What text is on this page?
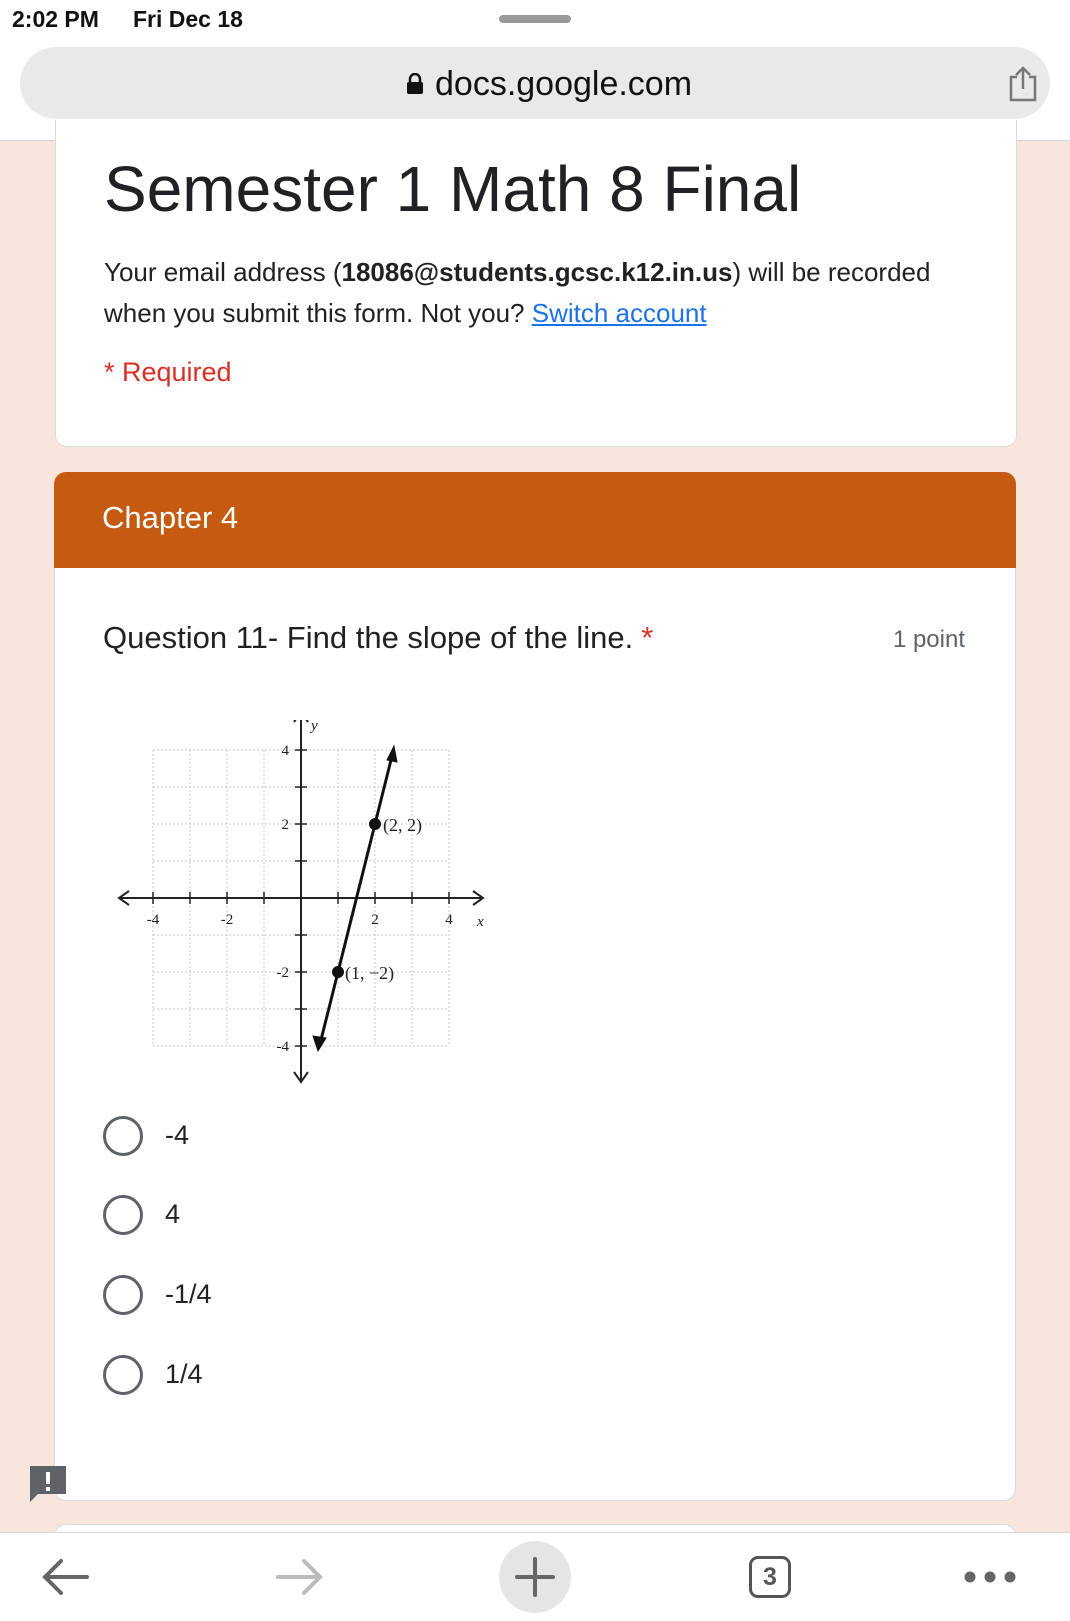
2:02 PM Fri Dec 18
docs.google.com
Semester 1 Math 8 Final
Your email address (18086@students.gcsc.k12.in.us) will be recorded when you submit this form. Not you? Switch account
* Required
Chapter 4
Question 11- Find the slope of the line. *	1 point
-4	-2	2	4
4
2
-2
-4
x
y
(2, 2)
(1, −2)
-4
4
-1/4
1/4
3
